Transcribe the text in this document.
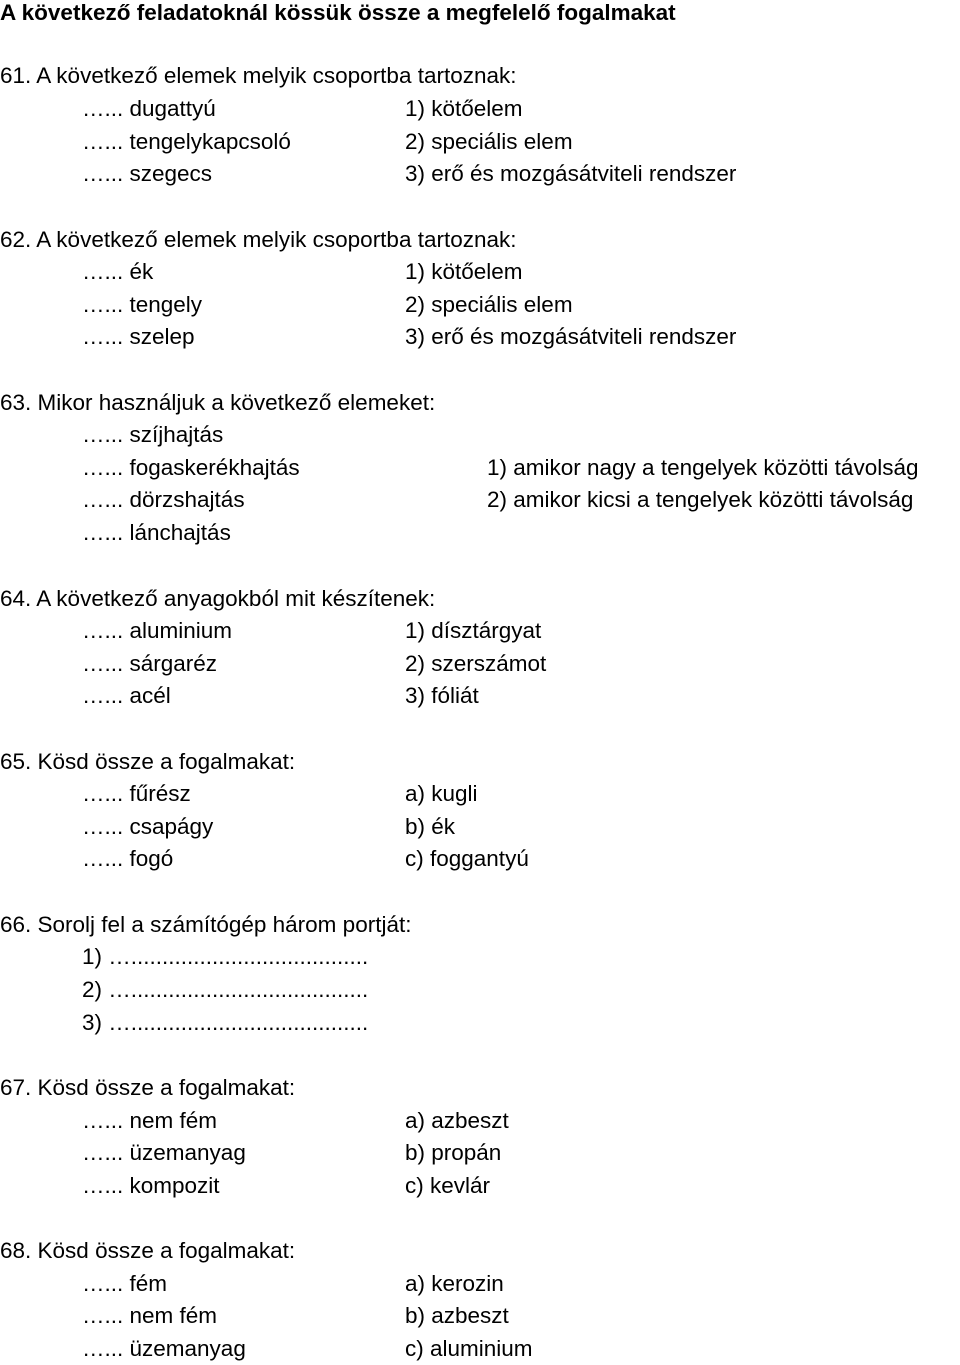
A következő feladatoknál kössük össze a megfelelő fogalmakat
61. A következő elemek melyik csoportba tartoznak:
…... dugattyú	1) kötőelem
…... tengelykapcsoló	2) speciális elem
…... szegecs	3) erő és mozgásátviteli rendszer
62. A következő elemek melyik csoportba tartoznak:
…... ék	1) kötőelem
…... tengely	2) speciális elem
…... szelep	3) erő és mozgásátviteli rendszer
63. Mikor használjuk a következő elemeket:
…... szíjhajtás
…... fogaskerékhajtás	1) amikor nagy a tengelyek közötti távolság
…... dörzshajtás	2) amikor kicsi a tengelyek közötti távolság
…... lánchajtás
64. A következő anyagokból mit készítenek:
…... aluminium	1) dísztárgyat
…... sárgaréz	2) szerszámot
…... acél	3) fóliát
65. Kösd össze a fogalmakat:
…... fűrész	a) kugli
…... csapágy	b) ék
…... fogó	c) foggantyú
66. Sorolj fel a számítógép három portját:
1) …......................................
2) …......................................
3) …......................................
67. Kösd össze a fogalmakat:
…... nem fém	a) azbeszt
…... üzemanyag	b) propán
…... kompozit	c) kevlár
68. Kösd össze a fogalmakat:
…... fém	a) kerozin
…... nem fém	b) azbeszt
…... üzemanyag	c) aluminium
